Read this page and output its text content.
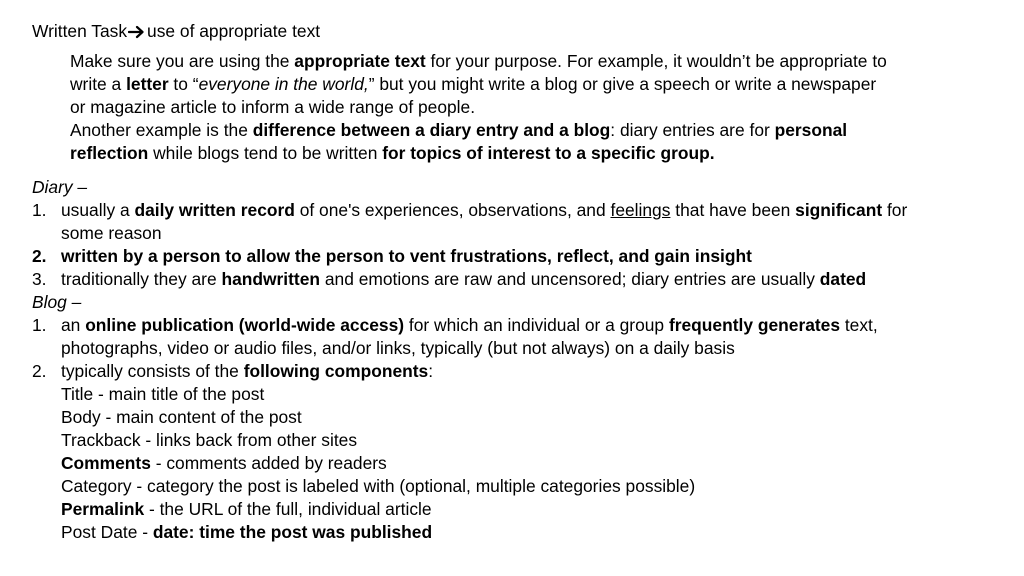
Written Task use of appropriate text
Make sure you are using the appropriate text for your purpose. For example, it wouldn’t be appropriate to
write a letter to “everyone in the world,” but you might write a blog or give a speech or write a newspaper
or magazine article to inform a wide range of people.
Another example is the difference between a diary entry and a blog: diary entries are for personal
reflection while blogs tend to be written for topics of interest to a specific group.
Diary –
1. usually a daily written record of one's experiences, observations, and feelings that have been significant for
some reason
2. written by a person to allow the person to vent frustrations, reflect, and gain insight
3. traditionally they are handwritten and emotions are raw and uncensored; diary entries are usually dated
Blog –
1. an online publication (world-wide access) for which an individual or a group frequently generates text,
photographs, video or audio files, and/or links, typically (but not always) on a daily basis
2. typically consists of the following components:
Title - main title of the post
Body - main content of the post
Trackback - links back from other sites
Comments - comments added by readers
Category - category the post is labeled with (optional, multiple categories possible)
Permalink - the URL of the full, individual article
Post Date - date: time the post was published
